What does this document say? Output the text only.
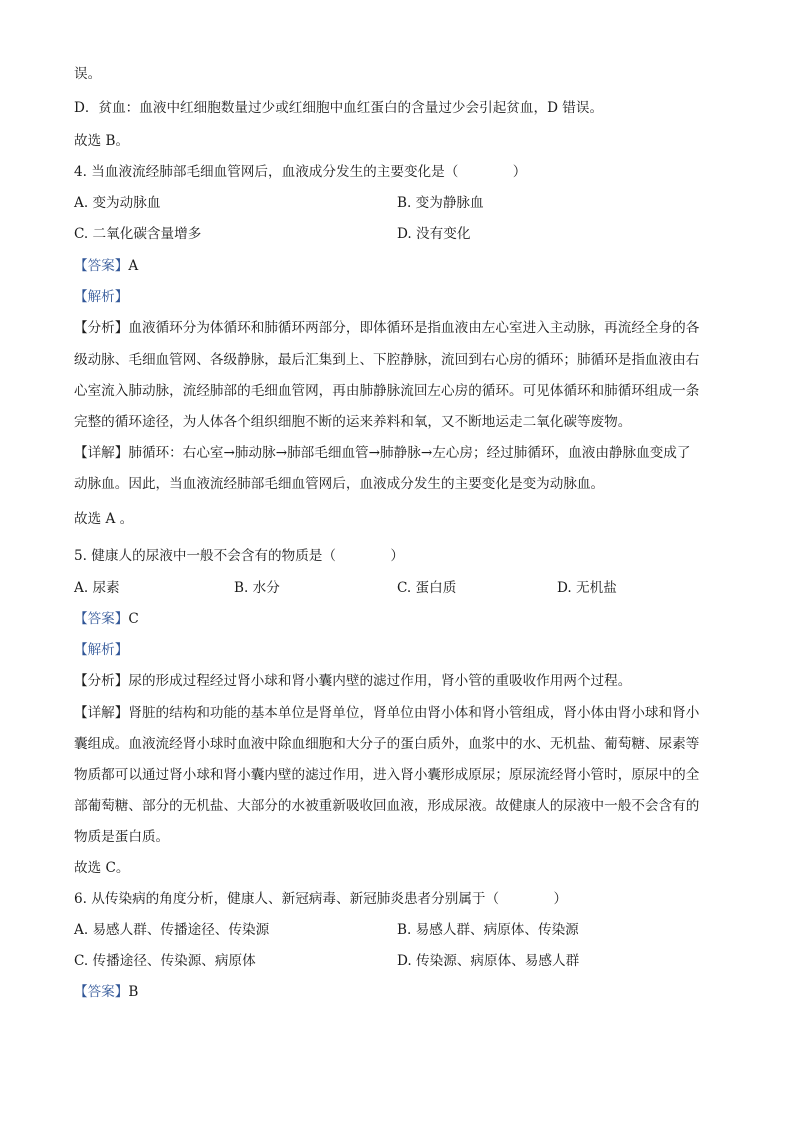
误。
D．贫血：血液中红细胞数量过少或红细胞中血红蛋白的含量过少会引起贫血，D 错误。
故选 B。
4. 当血液流经肺部毛细血管网后，血液成分发生的主要变化是（　　　　）
A. 变为动脉血	B. 变为静脉血
C. 二氧化碳含量增多	D. 没有变化
【答案】A
【解析】
【分析】血液循环分为体循环和肺循环两部分，即体循环是指血液由左心室进入主动脉，再流经全身的各
级动脉、毛细血管网、各级静脉，最后汇集到上、下腔静脉，流回到右心房的循环；肺循环是指血液由右
心室流入肺动脉，流经肺部的毛细血管网，再由肺静脉流回左心房的循环。可见体循环和肺循环组成一条
完整的循环途径，为人体各个组织细胞不断的运来养料和氧，又不断地运走二氧化碳等废物。
【详解】肺循环：右心室→肺动脉→肺部毛细血管→肺静脉→左心房；经过肺循环，血液由静脉血变成了
动脉血。因此，当血液流经肺部毛细血管网后，血液成分发生的主要变化是变为动脉血。
故选 A 。
5. 健康人的尿液中一般不会含有的物质是（　　　　）
A. 尿素	B. 水分	C. 蛋白质	D. 无机盐
【答案】C
【解析】
【分析】尿的形成过程经过肾小球和肾小囊内壁的滤过作用，肾小管的重吸收作用两个过程。
【详解】肾脏的结构和功能的基本单位是肾单位，肾单位由肾小体和肾小管组成，肾小体由肾小球和肾小
囊组成。血液流经肾小球时血液中除血细胞和大分子的蛋白质外，血浆中的水、无机盐、葡萄糖、尿素等
物质都可以通过肾小球和肾小囊内壁的滤过作用，进入肾小囊形成原尿；原尿流经肾小管时，原尿中的全
部葡萄糖、部分的无机盐、大部分的水被重新吸收回血液，形成尿液。故健康人的尿液中一般不会含有的
物质是蛋白质。
故选 C。
6. 从传染病的角度分析，健康人、新冠病毒、新冠肺炎患者分别属于（　　　　）
A. 易感人群、传播途径、传染源	B. 易感人群、病原体、传染源
C. 传播途径、传染源、病原体	D. 传染源、病原体、易感人群
【答案】B
